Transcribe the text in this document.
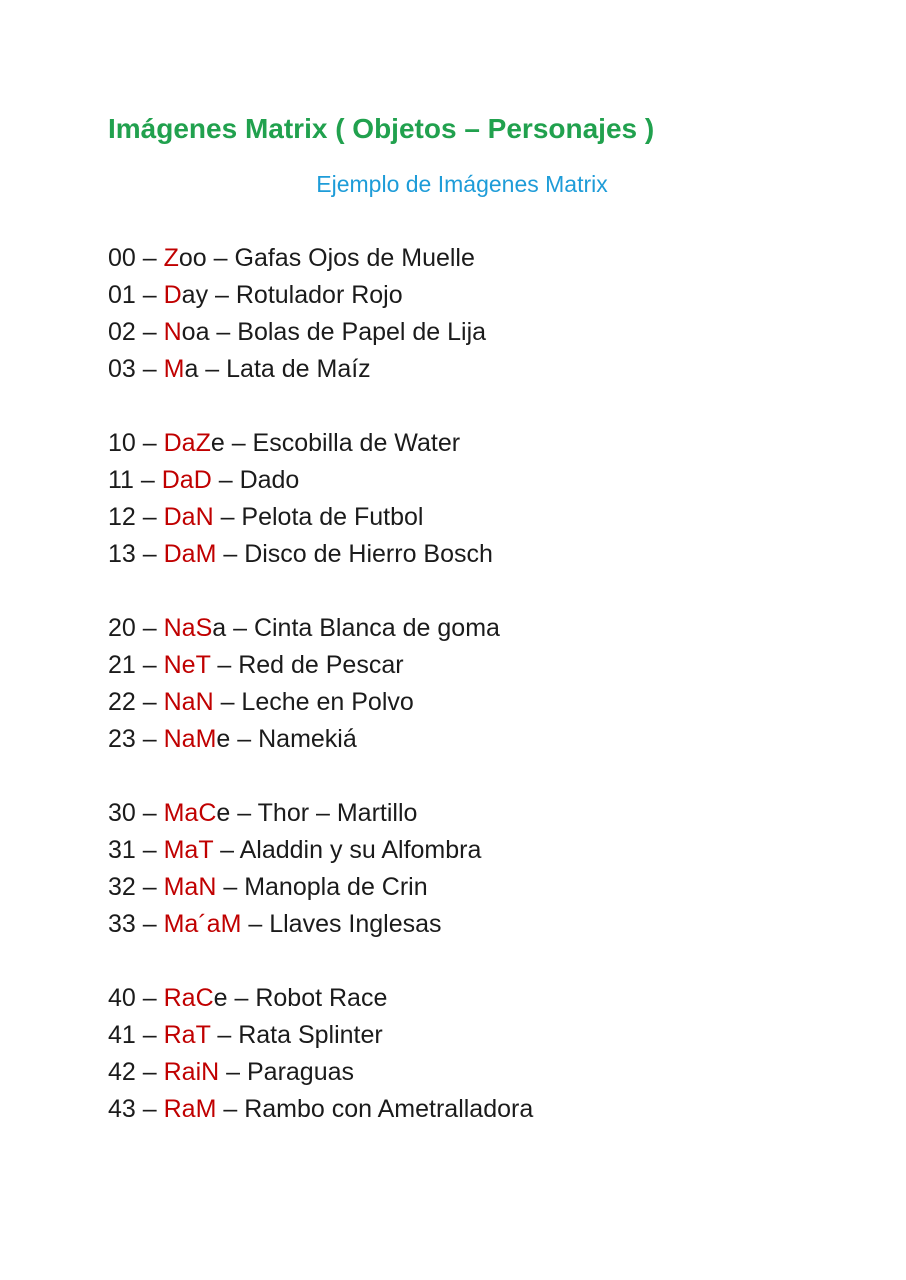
Imágenes Matrix ( Objetos – Personajes )
Ejemplo de Imágenes Matrix
00 – Zoo – Gafas Ojos de Muelle
01 – Day – Rotulador Rojo
02 – Noa – Bolas de Papel de Lija
03 – Ma – Lata de Maíz
10 – DaZe – Escobilla de Water
11 – DaD – Dado
12 – DaN – Pelota de Futbol
13 – DaM – Disco de Hierro Bosch
20 – NaSa – Cinta Blanca de goma
21 – NeT – Red de Pescar
22 – NaN – Leche en Polvo
23 – NaMe – Namekiá
30 – MaCe – Thor – Martillo
31 – MaT – Aladdin y su Alfombra
32 – MaN – Manopla de Crin
33 – Ma´aM – Llaves Inglesas
40 – RaCe – Robot Race
41 – RaT – Rata Splinter
42 – RaiN – Paraguas
43 – RaM – Rambo con Ametralladora
